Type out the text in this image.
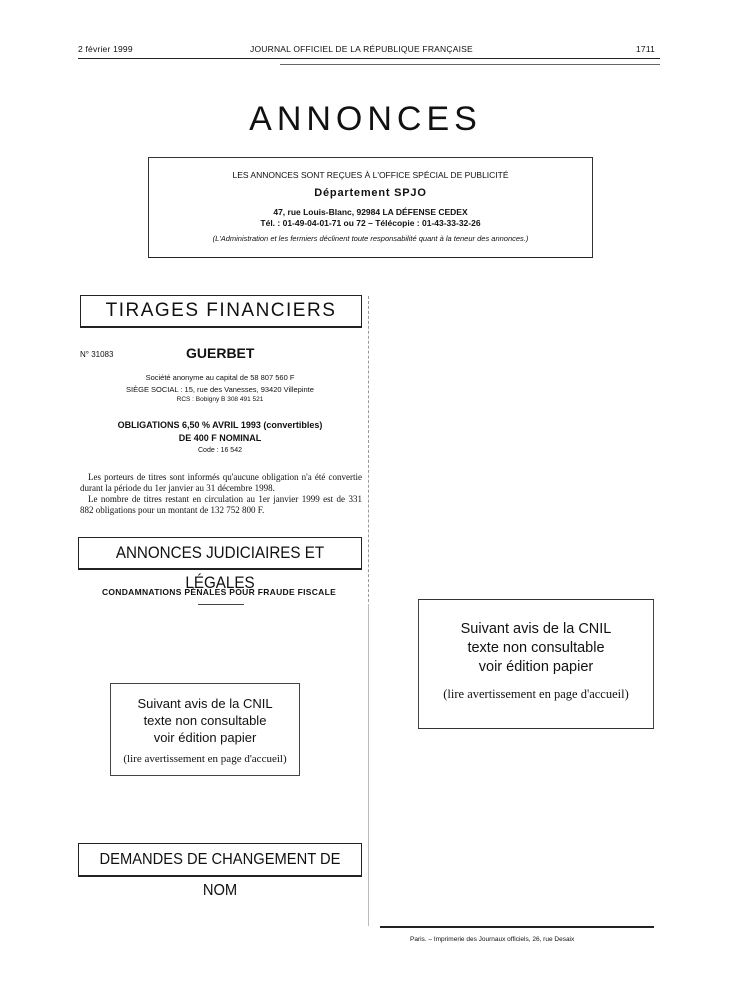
2 février 1999	JOURNAL OFFICIEL DE LA RÉPUBLIQUE FRANÇAISE	1711
ANNONCES
LES ANNONCES SONT REÇUES À L'OFFICE SPÉCIAL DE PUBLICITÉ
Département SPJO
47, rue Louis-Blanc, 92984 LA DÉFENSE CEDEX
Tél. : 01-49-04-01-71 ou 72 – Télécopie : 01-43-33-32-26
(L'Administration et les fermiers déclinent toute responsabilité quant à la teneur des annonces.)
TIRAGES FINANCIERS
N° 31083	GUERBET
Société anonyme au capital de 58 807 560 F
SIÈGE SOCIAL : 15, rue des Vanesses, 93420 Villepinte
RCS : Bobigny B 308 491 521
OBLIGATIONS 6,50 % AVRIL 1993 (convertibles)
DE 400 F NOMINAL
Code : 16 542
Les porteurs de titres sont informés qu'aucune obligation n'a été convertie durant la période du 1er janvier au 31 décembre 1998.
Le nombre de titres restant en circulation au 1er janvier 1999 est de 331 882 obligations pour un montant de 132 752 800 F.
ANNONCES JUDICIAIRES ET LÉGALES
CONDAMNATIONS PÉNALES POUR FRAUDE FISCALE
Suivant avis de la CNIL
texte non consultable
voir édition papier
(lire avertissement en page d'accueil)
Suivant avis de la CNIL
texte non consultable
voir édition papier
(lire avertissement en page d'accueil)
DEMANDES DE CHANGEMENT DE NOM
Paris. – Imprimerie des Journaux officiels, 26, rue Desaix
